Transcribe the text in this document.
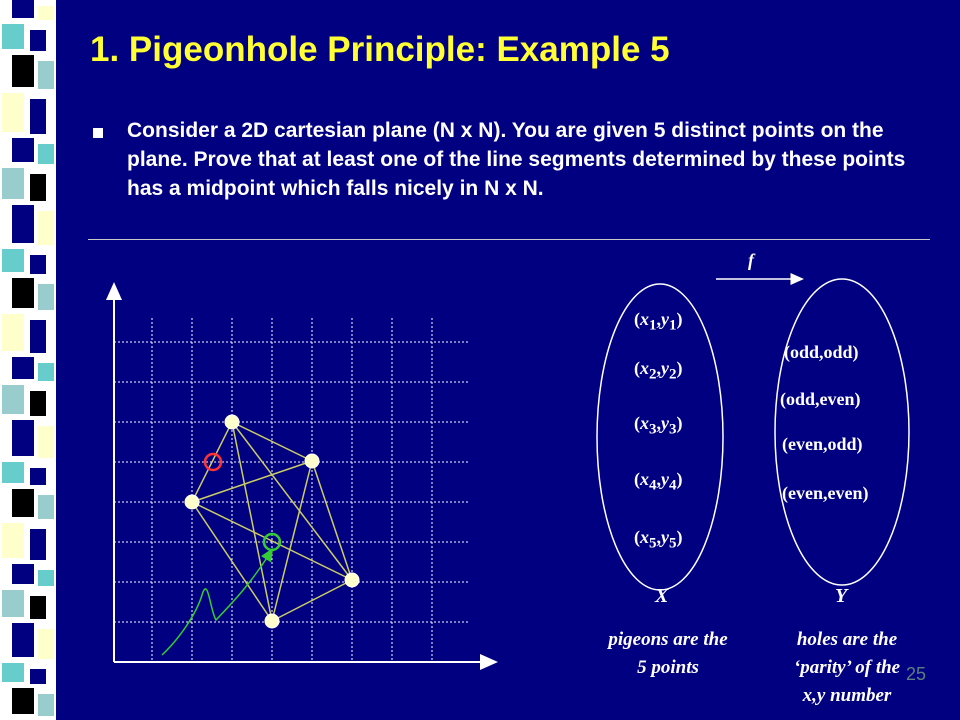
1. Pigeonhole Principle: Example 5

Consider a 2D cartesian plane (N x N). You are given 5 distinct points on the plane. Prove that at least one of the line segments determined by these points has a midpoint which falls nicely in N x N.

f
$(x_1,y_1)$
$(x_2,y_2)$
$(x_3,y_3)$
$(x_4,y_4)$
$(x_5,y_5)$
(odd,odd)
(odd,even)
(even,odd)
(even,even)
X	Y
pigeons are the
5 points
holes are the
‘parity’ of the
x,y number
25
